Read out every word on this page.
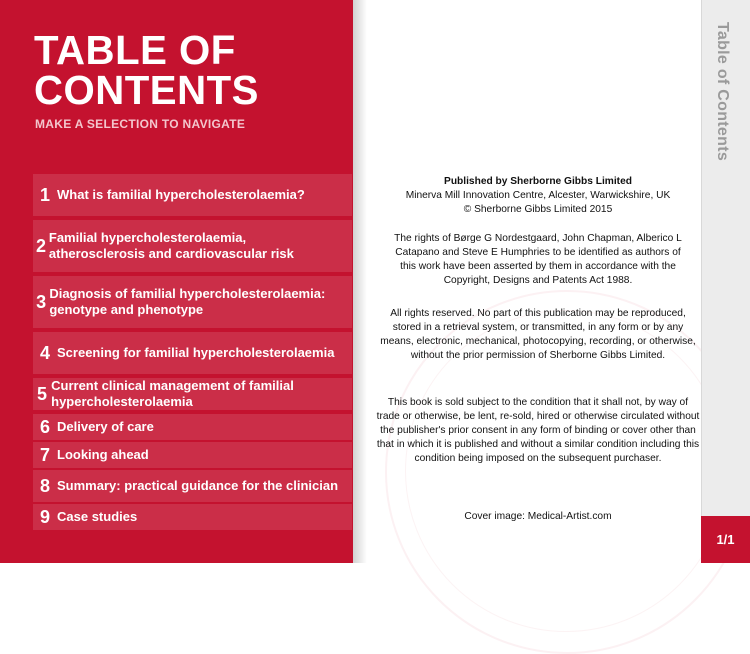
TABLE OF
CONTENTS
MAKE A SELECTION TO NAVIGATE
1 What is familial hypercholesterolaemia?
2 Familial hypercholesterolaemia, atherosclerosis and cardiovascular risk
3 Diagnosis of familial hypercholesterolaemia: genotype and phenotype
4 Screening for familial hypercholesterolaemia
5 Current clinical management of familial hypercholesterolaemia
6 Delivery of care
7 Looking ahead
8 Summary: practical guidance for the clinician
9 Case studies
Published by Sherborne Gibbs Limited
Minerva Mill Innovation Centre, Alcester, Warwickshire, UK
© Sherborne Gibbs Limited 2015
The rights of Børge G Nordestgaard, John Chapman, Alberico L Catapano and Steve E Humphries to be identified as authors of this work have been asserted by them in accordance with the Copyright, Designs and Patents Act 1988.
All rights reserved. No part of this publication may be reproduced, stored in a retrieval system, or transmitted, in any form or by any means, electronic, mechanical, photocopying, recording, or otherwise, without the prior permission of Sherborne Gibbs Limited.
This book is sold subject to the condition that it shall not, by way of trade or otherwise, be lent, re-sold, hired or otherwise circulated without the publisher's prior consent in any form of binding or cover other than that in which it is published and without a similar condition including this condition being imposed on the subsequent purchaser.
Cover image: Medical-Artist.com
Table of Contents
1/1
